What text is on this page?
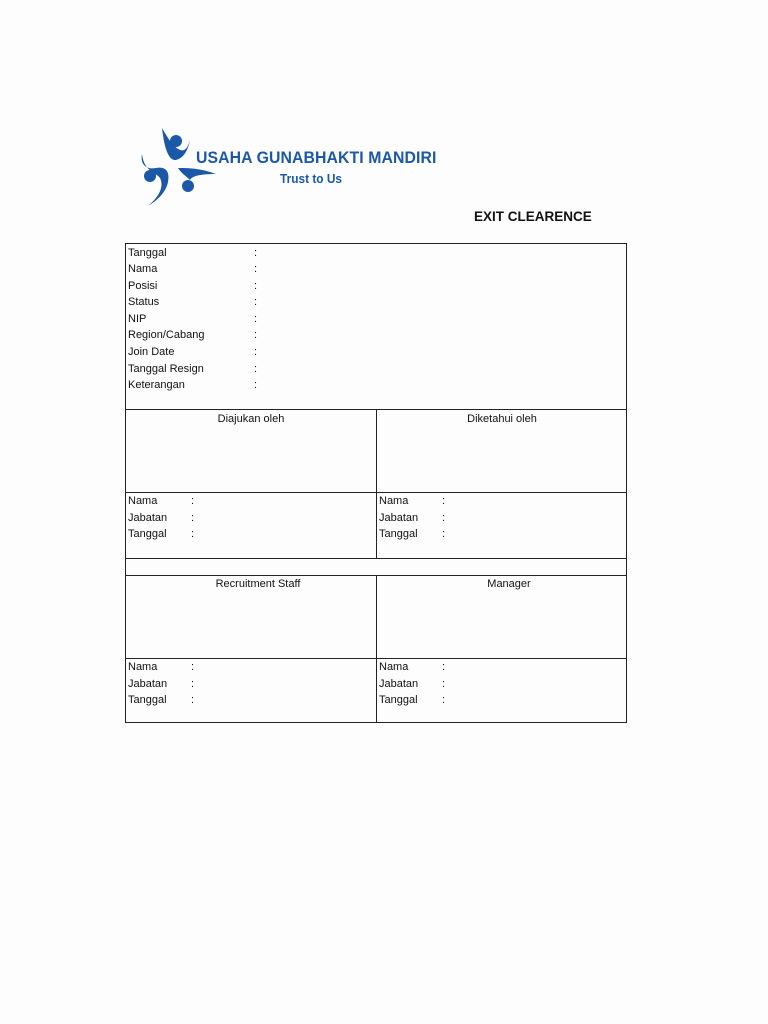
USAHA GUNABHAKTI MANDIRI
Trust to Us
EXIT CLEARENCE
Tanggal	:
Nama	:
Posisi	:
Status	:
NIP	:
Region/Cabang	:
Join Date	:
Tanggal Resign	:
Keterangan	:
Diajukan oleh
Nama	:
Jabatan :
Tanggal :
Diketahui oleh
Nama	:
Jabatan :
Tanggal :
Recruitment Staff
Nama	:
Jabatan :
Tanggal :
Manager
Nama	:
Jabatan :
Tanggal :
